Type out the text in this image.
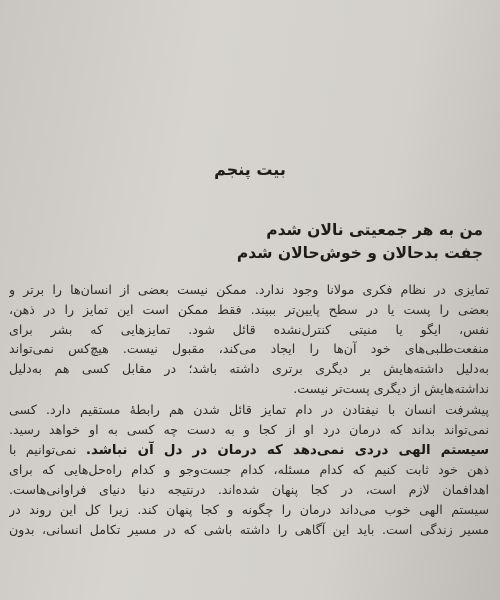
بیت پنجم
من به هر جمعیتی نالان شدم
جفت بدحالان و خوش‌حالان شدم
تمایزی در نظام فکری مولانا وجود ندارد. ممکن نیست بعضی از انسان‌ها را برتر و
بعضی را پست یا در سطح پایین‌تر ببیند. فقط ممکن است این تمایز را در ذهن،
نفس، ایگو یا منیتی کنترل‌نشده قائل شود. تمایزهایی که بشر برای
منفعت‌طلبی‌های خود آن‌ها را ایجاد می‌کند، مقبول نیست. هیچ‌کس نمی‌تواند
به‌دلیل داشته‌هایش بر دیگری برتری داشته باشد؛ در مقابل کسی هم به‌دلیل
نداشته‌هایش از دیگری پست‌تر نیست.
پیشرفت انسان با نیفتادن در دام تمایز قائل شدن هم رابطهٔ مستقیم دارد. کسی
نمی‌تواند بداند که درمان درد او از کجا و به دست چه کسی به او خواهد رسید.
سیستم الهی دردی نمی‌دهد که درمان در دل آن نباشد. نمی‌توانیم با
ذهن خود ثابت کنیم که کدام مسئله، کدام جست‌وجو و کدام راه‌حل‌هایی که برای
اهدافمان لازم است، در کجا پنهان شده‌اند. درنتیجه دنیا دنیای فراوانی‌هاست.
سیستم الهی خوب می‌داند درمان را چگونه و کجا پنهان کند. زیرا کل این روند در
مسیر زندگی است. باید این آگاهی را داشته باشی که در مسیر تکامل انسانی، بدون
